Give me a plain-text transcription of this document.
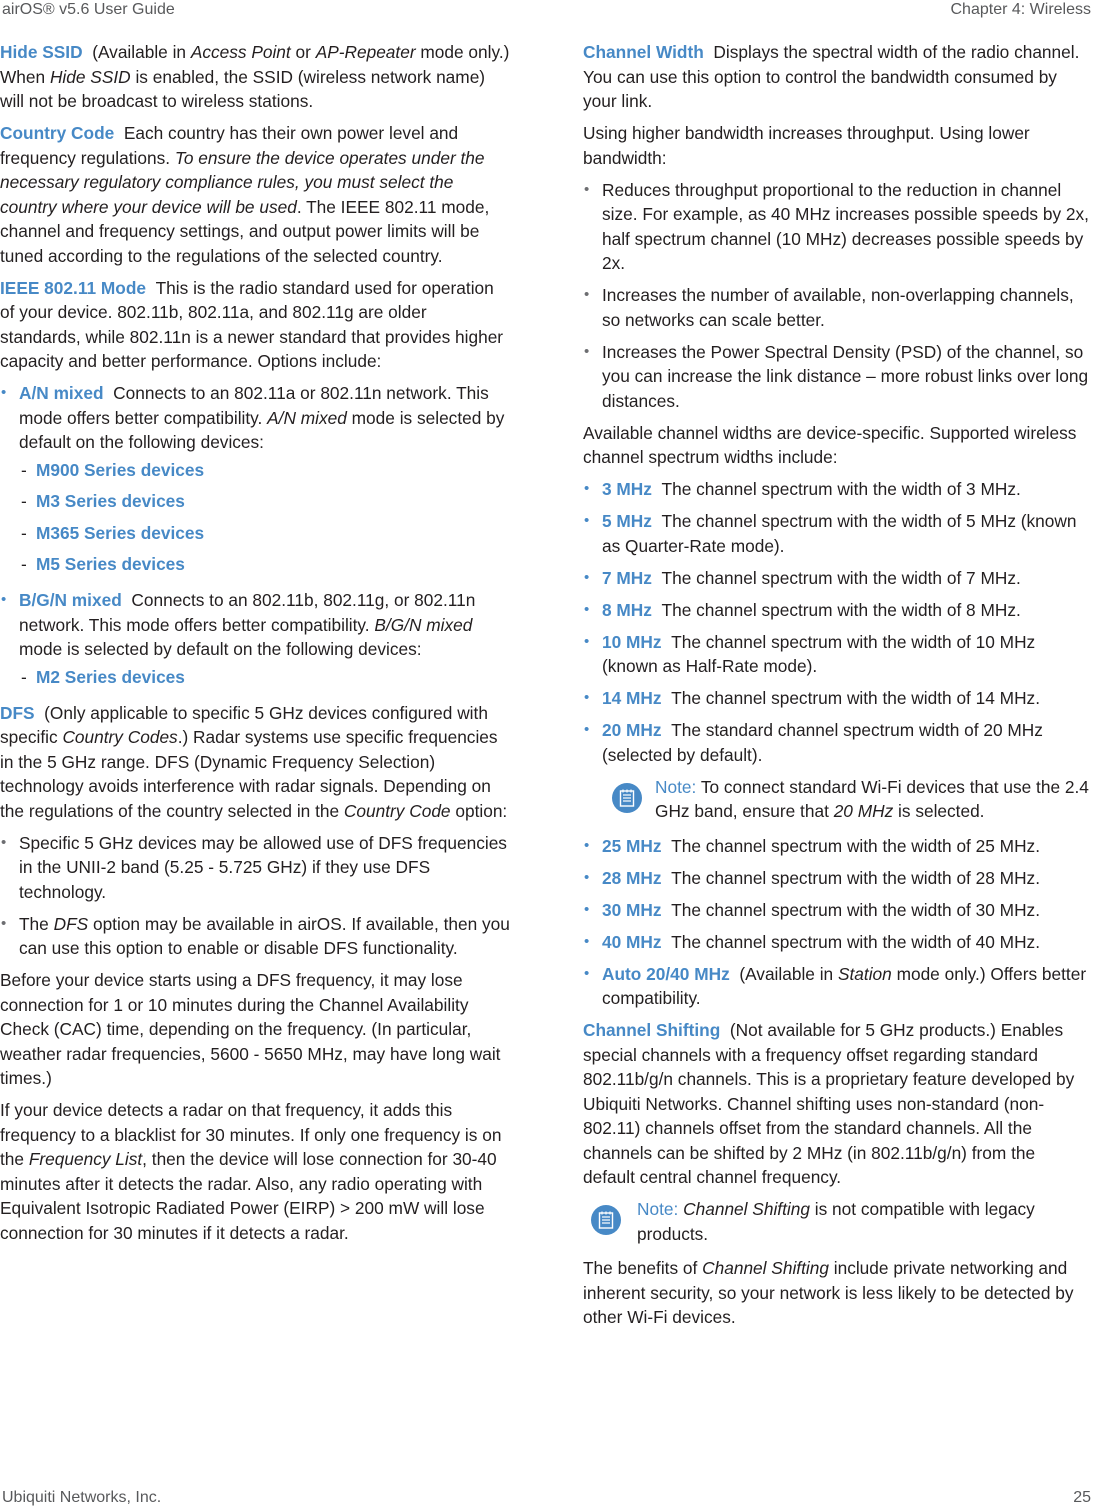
airOS® v5.6 User Guide	Chapter 4: Wireless

Hide SSID (Available in Access Point or AP-Repeater mode only.) When Hide SSID is enabled, the SSID (wireless network name) will not be broadcast to wireless stations.

Country Code Each country has their own power level and frequency regulations. To ensure the device operates under the necessary regulatory compliance rules, you must select the country where your device will be used. The IEEE 802.11 mode, channel and frequency settings, and output power limits will be tuned according to the regulations of the selected country.

IEEE 802.11 Mode This is the radio standard used for operation of your device. 802.11b, 802.11a, and 802.11g are older standards, while 802.11n is a newer standard that provides higher capacity and better performance. Options include:

• A/N mixed Connects to an 802.11a or 802.11n network. This mode offers better compatibility. A/N mixed mode is selected by default on the following devices:
- M900 Series devices
- M3 Series devices
- M365 Series devices
- M5 Series devices
• B/G/N mixed Connects to an 802.11b, 802.11g, or 802.11n network. This mode offers better compatibility. B/G/N mixed mode is selected by default on the following devices:
- M2 Series devices

DFS (Only applicable to specific 5 GHz devices configured with specific Country Codes.) Radar systems use specific frequencies in the 5 GHz range. DFS (Dynamic Frequency Selection) technology avoids interference with radar signals. Depending on the regulations of the country selected in the Country Code option:

• Specific 5 GHz devices may be allowed use of DFS frequencies in the UNII-2 band (5.25 - 5.725 GHz) if they use DFS technology.
• The DFS option may be available in airOS. If available, then you can use this option to enable or disable DFS functionality.

Before your device starts using a DFS frequency, it may lose connection for 1 or 10 minutes during the Channel Availability Check (CAC) time, depending on the frequency. (In particular, weather radar frequencies, 5600 - 5650 MHz, may have long wait times.)

If your device detects a radar on that frequency, it adds this frequency to a blacklist for 30 minutes. If only one frequency is on the Frequency List, then the device will lose connection for 30-40 minutes after it detects the radar. Also, any radio operating with Equivalent Isotropic Radiated Power (EIRP) > 200 mW will lose connection for 30 minutes if it detects a radar.

Channel Width Displays the spectral width of the radio channel. You can use this option to control the bandwidth consumed by your link.

Using higher bandwidth increases throughput. Using lower bandwidth:

• Reduces throughput proportional to the reduction in channel size. For example, as 40 MHz increases possible speeds by 2x, half spectrum channel (10 MHz) decreases possible speeds by 2x.
• Increases the number of available, non-overlapping channels, so networks can scale better.
• Increases the Power Spectral Density (PSD) of the channel, so you can increase the link distance – more robust links over long distances.

Available channel widths are device-specific. Supported wireless channel spectrum widths include:

• 3 MHz The channel spectrum with the width of 3 MHz.
• 5 MHz The channel spectrum with the width of 5 MHz (known as Quarter-Rate mode).
• 7 MHz The channel spectrum with the width of 7 MHz.
• 8 MHz The channel spectrum with the width of 8 MHz.
• 10 MHz The channel spectrum with the width of 10 MHz (known as Half-Rate mode).
• 14 MHz The channel spectrum with the width of 14 MHz.
• 20 MHz The standard channel spectrum width of 20 MHz (selected by default).
Note: To connect standard Wi-Fi devices that use the 2.4 GHz band, ensure that 20 MHz is selected.
• 25 MHz The channel spectrum with the width of 25 MHz.
• 28 MHz The channel spectrum with the width of 28 MHz.
• 30 MHz The channel spectrum with the width of 30 MHz.
• 40 MHz The channel spectrum with the width of 40 MHz.
• Auto 20/40 MHz (Available in Station mode only.) Offers better compatibility.

Channel Shifting (Not available for 5 GHz products.) Enables special channels with a frequency offset regarding standard 802.11b/g/n channels. This is a proprietary feature developed by Ubiquiti Networks. Channel shifting uses non-standard (non-802.11) channels offset from the standard channels. All the channels can be shifted by 2 MHz (in 802.11b/g/n) from the default central channel frequency.

Note: Channel Shifting is not compatible with legacy products.

The benefits of Channel Shifting include private networking and inherent security, so your network is less likely to be detected by other Wi-Fi devices.

Ubiquiti Networks, Inc.	25
